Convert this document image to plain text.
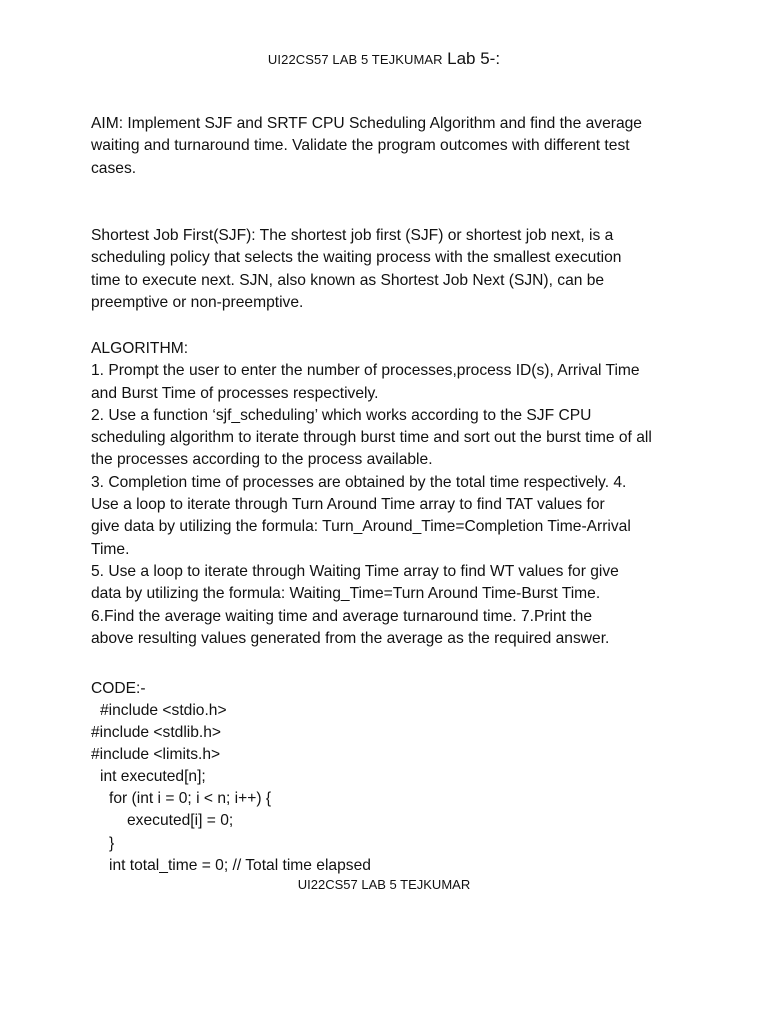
UI22CS57 LAB 5 TEJKUMAR Lab 5-:
AIM: Implement SJF and SRTF CPU Scheduling Algorithm and find the average
waiting and turnaround time. Validate the program outcomes with different test
cases.
Shortest Job First(SJF): The shortest job first (SJF) or shortest job next, is a
scheduling policy that selects the waiting process with the smallest execution
time to execute next. SJN, also known as Shortest Job Next (SJN), can be
preemptive or non-preemptive.
ALGORITHM:
1. Prompt the user to enter the number of processes,process ID(s), Arrival Time
and Burst Time of processes respectively.
2. Use a function ‘sjf_scheduling’ which works according to the SJF CPU
scheduling algorithm to iterate through burst time and sort out the burst time of all
the processes according to the process available.
3. Completion time of processes are obtained by the total time respectively. 4.
Use a loop to iterate through Turn Around Time array to find TAT values for
give data by utilizing the formula: Turn_Around_Time=Completion Time-Arrival
Time.
5. Use a loop to iterate through Waiting Time array to find WT values for give
data by utilizing the formula: Waiting_Time=Turn Around Time-Burst Time.
6.Find the average waiting time and average turnaround time. 7.Print the
above resulting values generated from the average as the required answer.
CODE:-
#include <stdio.h>
#include <stdlib.h>
#include <limits.h>
int executed[n];
for (int i = 0; i < n; i++) {
executed[i] = 0;
}
int total_time = 0; // Total time elapsed
UI22CS57 LAB 5 TEJKUMAR
